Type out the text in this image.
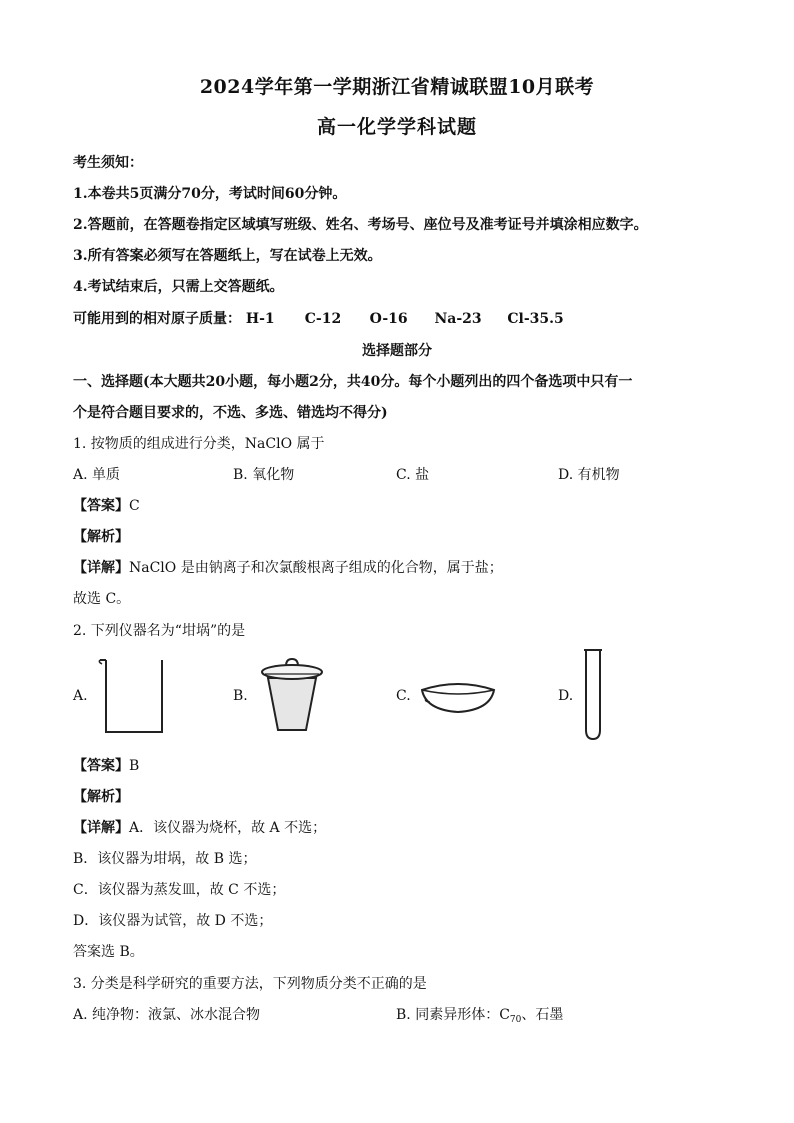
2024学年第一学期浙江省精诚联盟10月联考
高一化学学科试题
考生须知：
1.本卷共5页满分70分，考试时间60分钟。
2.答题前，在答题卷指定区域填写班级、姓名、考场号、座位号及准考证号并填涂相应数字。
3.所有答案必须写在答题纸上，写在试卷上无效。
4.考试结束后，只需上交答题纸。
可能用到的相对原子质量： H-1 C-12 O-16 Na-23 Cl-35.5
选择题部分
一、选择题(本大题共20小题，每小题2分，共40分。每个小题列出的四个备选项中只有一
个是符合题目要求的，不选、多选、错选均不得分)
1. 按物质的组成进行分类，NaClO 属于
A. 单质	B. 氧化物	C. 盐	D. 有机物
【答案】C
【解析】
【详解】NaClO 是由钠离子和次氯酸根离子组成的化合物，属于盐；
故选 C。
2. 下列仪器名为“坩埚”的是
A.	B.	C.	D.
【答案】B
【解析】
【详解】A．该仪器为烧杯，故 A 不选；
B．该仪器为坩埚，故 B 选；
C．该仪器为蒸发皿，故 C 不选；
D．该仪器为试管，故 D 不选；
答案选 B。
3. 分类是科学研究的重要方法，下列物质分类不正确的是
A. 纯净物：液氯、冰水混合物	B. 同素异形体：$C_{70}$、石墨
